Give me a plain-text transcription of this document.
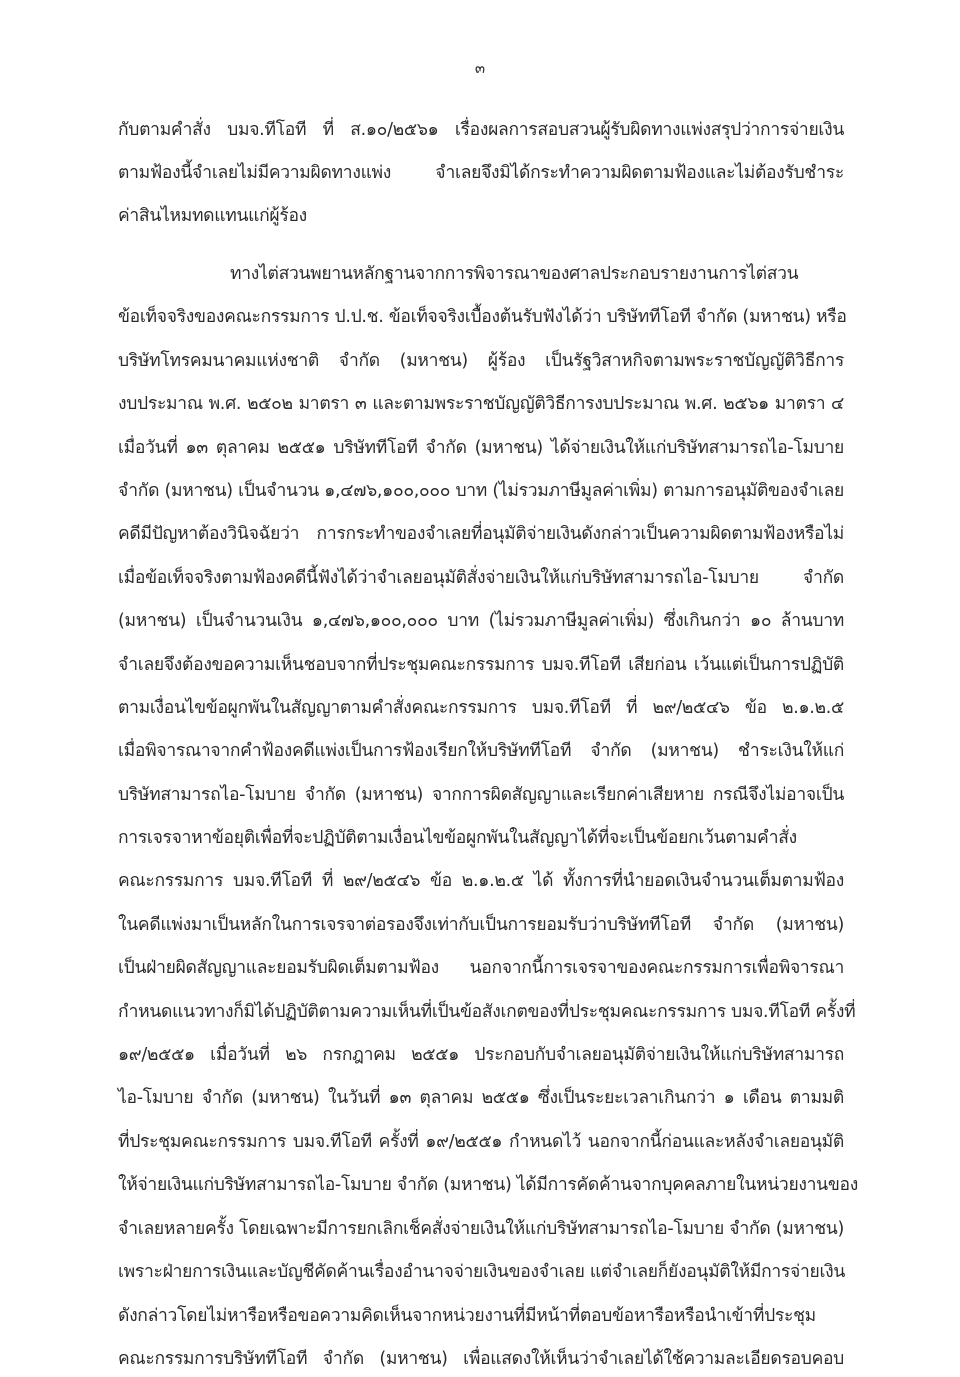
๓
กับตามคำสั่ง บมจ.ทีโอที ที่ ส.๑๐/๒๕๖๑ เรื่องผลการสอบสวนผู้รับผิดทางแพ่งสรุปว่าการจ่ายเงิน
ตามฟ้องนี้จำเลยไม่มีความผิดทางแพ่ง จำเลยจึงมิได้กระทำความผิดตามฟ้องและไม่ต้องรับชำระ
ค่าสินไหมทดแทนแก่ผู้ร้อง
ทางไต่สวนพยานหลักฐานจากการพิจารณาของศาลประกอบรายงานการไต่สวน
ข้อเท็จจริงของคณะกรรมการ ป.ป.ช. ข้อเท็จจริงเบื้องต้นรับฟังได้ว่า บริษัททีโอที จำกัด (มหาชน) หรือ
บริษัทโทรคมนาคมแห่งชาติ จำกัด (มหาชน) ผู้ร้อง เป็นรัฐวิสาหกิจตามพระราชบัญญัติวิธีการ
งบประมาณ พ.ศ. ๒๕๐๒ มาตรา ๓ และตามพระราชบัญญัติวิธีการงบประมาณ พ.ศ. ๒๕๖๑ มาตรา ๔
เมื่อวันที่ ๑๓ ตุลาคม ๒๕๕๑ บริษัททีโอที จำกัด (มหาชน) ได้จ่ายเงินให้แก่บริษัทสามารถไอ-โมบาย
จำกัด (มหาชน) เป็นจำนวน ๑,๔๗๖,๑๐๐,๐๐๐ บาท (ไม่รวมภาษีมูลค่าเพิ่ม) ตามการอนุมัติของจำเลย
คดีมีปัญหาต้องวินิจฉัยว่า การกระทำของจำเลยที่อนุมัติจ่ายเงินดังกล่าวเป็นความผิดตามฟ้องหรือไม่
เมื่อข้อเท็จจริงตามฟ้องคดีนี้ฟังได้ว่าจำเลยอนุมัติสั่งจ่ายเงินให้แก่บริษัทสามารถไอ-โมบาย จำกัด
(มหาชน) เป็นจำนวนเงิน ๑,๔๗๖,๑๐๐,๐๐๐ บาท (ไม่รวมภาษีมูลค่าเพิ่ม) ซึ่งเกินกว่า ๑๐ ล้านบาท
จำเลยจึงต้องขอความเห็นชอบจากที่ประชุมคณะกรรมการ บมจ.ทีโอที เสียก่อน เว้นแต่เป็นการปฏิบัติ
ตามเงื่อนไขข้อผูกพันในสัญญาตามคำสั่งคณะกรรมการ บมจ.ทีโอที ที่ ๒๙/๒๕๔๖ ข้อ ๒.๑.๒.๕
เมื่อพิจารณาจากคำฟ้องคดีแพ่งเป็นการฟ้องเรียกให้บริษัททีโอที จำกัด (มหาชน) ชำระเงินให้แก่
บริษัทสามารถไอ-โมบาย จำกัด (มหาชน) จากการผิดสัญญาและเรียกค่าเสียหาย กรณีจึงไม่อาจเป็น
การเจรจาหาข้อยุติเพื่อที่จะปฏิบัติตามเงื่อนไขข้อผูกพันในสัญญาได้ที่จะเป็นข้อยกเว้นตามคำสั่ง
คณะกรรมการ บมจ.ทีโอที ที่ ๒๙/๒๕๔๖ ข้อ ๒.๑.๒.๕ ได้ ทั้งการที่นำยอดเงินจำนวนเต็มตามฟ้อง
ในคดีแพ่งมาเป็นหลักในการเจรจาต่อรองจึงเท่ากับเป็นการยอมรับว่าบริษัททีโอที จำกัด (มหาชน)
เป็นฝ่ายผิดสัญญาและยอมรับผิดเต็มตามฟ้อง นอกจากนี้การเจรจาของคณะกรรมการเพื่อพิจารณา
กำหนดแนวทางก็มิได้ปฏิบัติตามความเห็นที่เป็นข้อสังเกตของที่ประชุมคณะกรรมการ บมจ.ทีโอที ครั้งที่
๑๙/๒๕๕๑ เมื่อวันที่ ๒๖ กรกฎาคม ๒๕๕๑ ประกอบกับจำเลยอนุมัติจ่ายเงินให้แก่บริษัทสามารถ
ไอ-โมบาย จำกัด (มหาชน) ในวันที่ ๑๓ ตุลาคม ๒๕๕๑ ซึ่งเป็นระยะเวลาเกินกว่า ๑ เดือน ตามมติ
ที่ประชุมคณะกรรมการ บมจ.ทีโอที ครั้งที่ ๑๙/๒๕๕๑ กำหนดไว้ นอกจากนี้ก่อนและหลังจำเลยอนุมัติ
ให้จ่ายเงินแก่บริษัทสามารถไอ-โมบาย จำกัด (มหาชน) ได้มีการคัดค้านจากบุคคลภายในหน่วยงานของ
จำเลยหลายครั้ง โดยเฉพาะมีการยกเลิกเช็คสั่งจ่ายเงินให้แก่บริษัทสามารถไอ-โมบาย จำกัด (มหาชน)
เพราะฝ่ายการเงินและบัญชีคัดค้านเรื่องอำนาจจ่ายเงินของจำเลย แต่จำเลยก็ยังอนุมัติให้มีการจ่ายเงิน
ดังกล่าวโดยไม่หารือหรือขอความคิดเห็นจากหน่วยงานที่มีหน้าที่ตอบข้อหารือหรือนำเข้าที่ประชุม
คณะกรรมการบริษัททีโอที จำกัด (มหาชน) เพื่อแสดงให้เห็นว่าจำเลยได้ใช้ความละเอียดรอบคอบ
